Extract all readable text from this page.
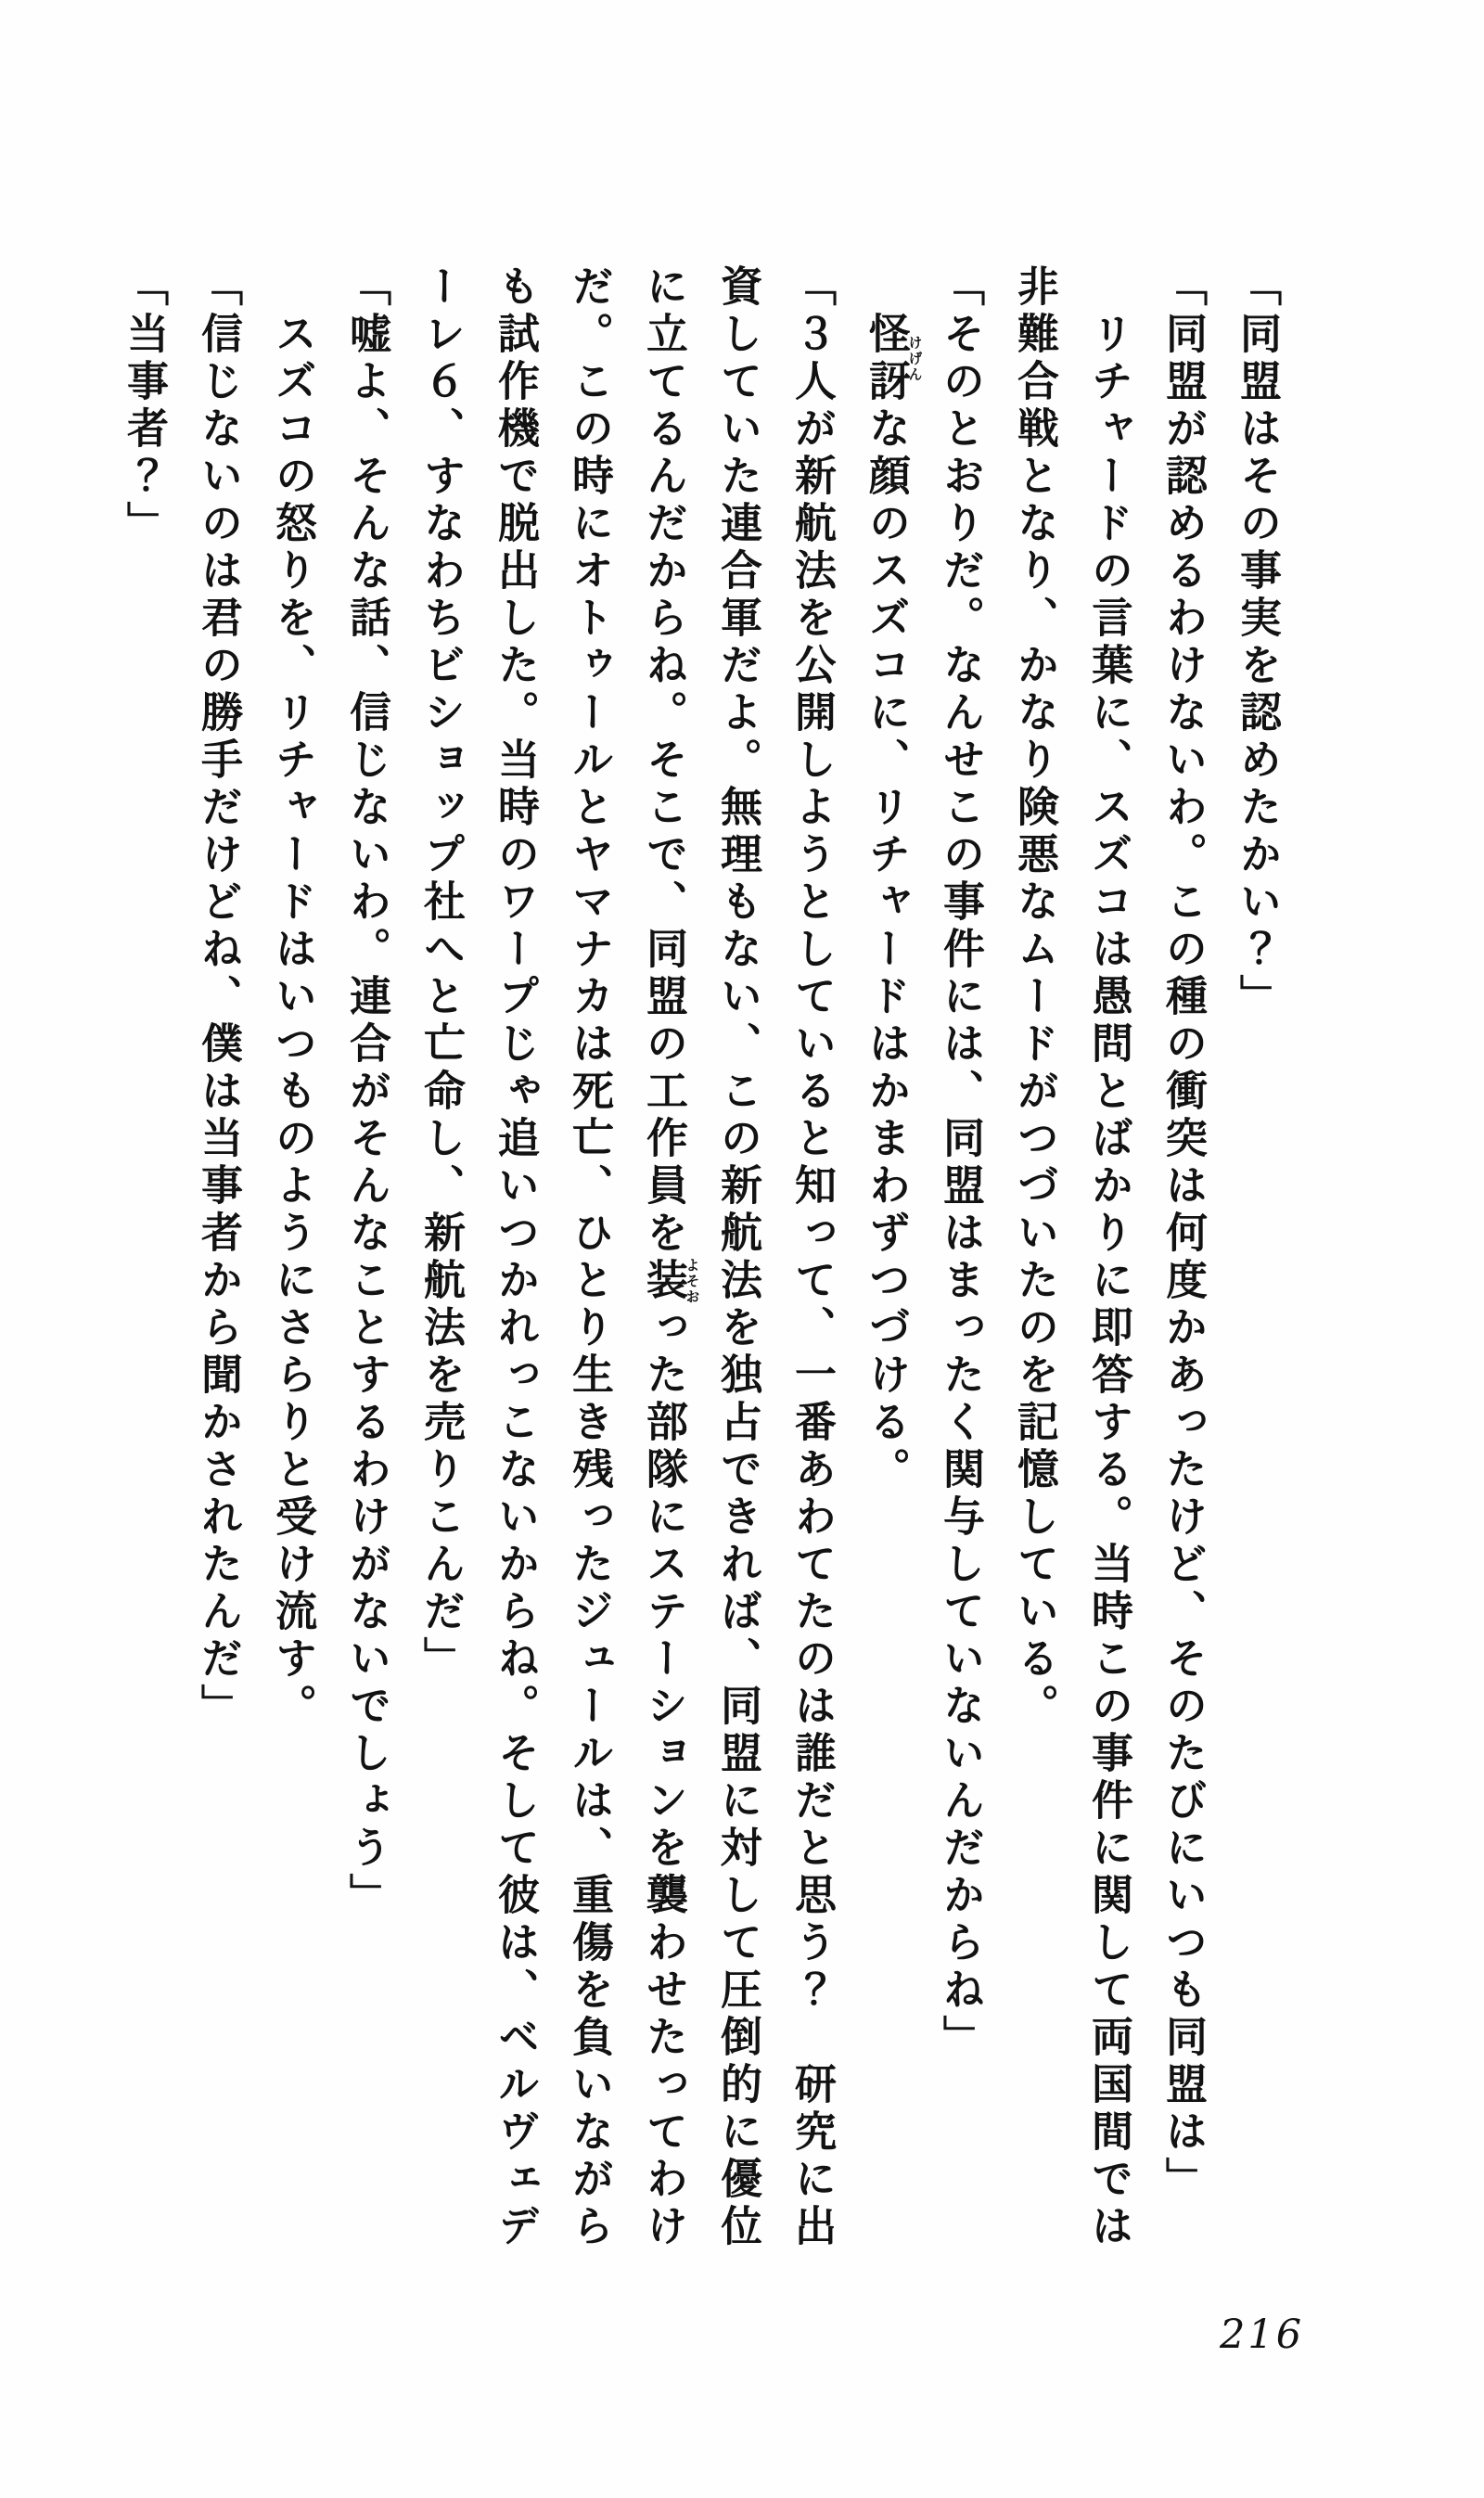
「同盟はその事実を認めたかい？」

「同盟が認めるわけないわ。この種の衝突は何度かあったけど、そのたびにいつも同盟は」

　リチャードの言葉に、スズコは愚問とばかりに即答する。当時この事件に関して両国間では非難合戦となり、かなり険悪なムードがつづいたのを記憶している。

「そのとおりだ。なんせこの事件には、同盟はまったく関与していないんだからね」

　怪訝けげんな顔のスズコに、リチャードはかまわずつづける。

「３人が新航法を公開しようとしていると知って、一番あわてたのは誰だと思う？　研究に出資していた連合軍だよ。無理もない、この新航法を独占できれば、同盟に対して圧倒的に優位に立てるんだからね。そこで、同盟の工作員を装よそおった部隊にステーションを襲わせたってわけだ。この時にオトゥールとヤマナカは死亡、ひとり生き残ったジュールは、重傷を負いながらも試作機で脱出した。当時のワープじゃ追いつかれっこないからね。そして彼は、ベルヴェデーレ６、すなわちビショップ社へと亡命し、新航法を売りこんだ」

「嘘よ、そんな話、信じないわ。連合がそんなことするわけがないでしょう」

　スズコの怒りを、リチャードはいつものようにさらりと受け流す。

「信じないのは君の勝手だけどね、僕は当事者から聞かされたんだ」

「当事者？」

216
